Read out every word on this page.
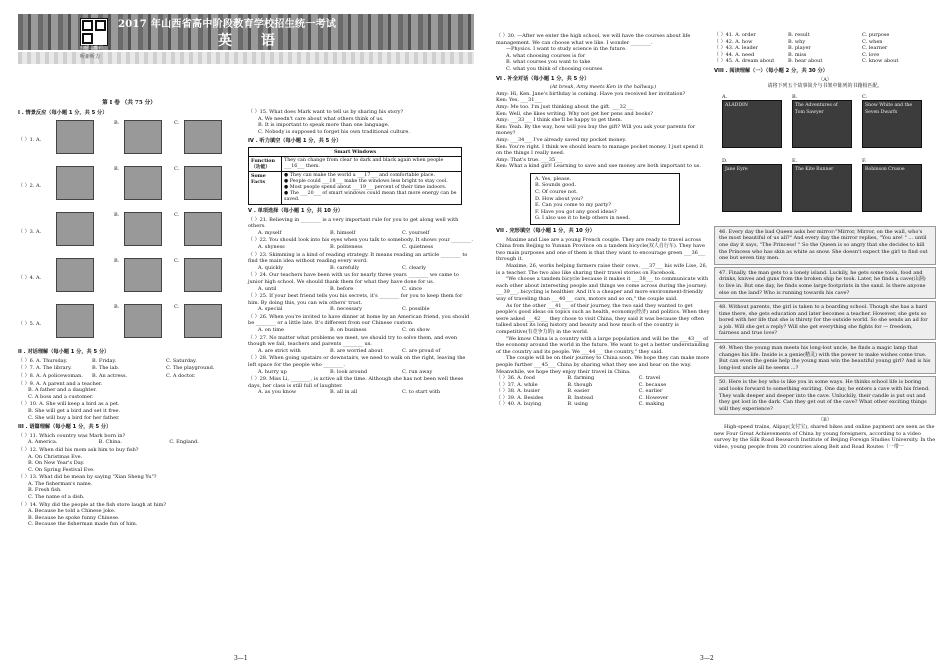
扫描二维码
2017 年山西省高中阶段教育学校招生统一考试
英 语
听新听力
第 I 卷 （共 75 分）
I . 情景反应（每小题 1 分，共 5 分）
（ ）1. A.
B.	C.
（ ）2. A.
B.	C.
（ ）3. A.
B.	C.
（ ）4. A.
B.	C.
（ ）5. A.
B.	C.
II . 对话理解（每小题 1 分，共 5 分）
（ ）6. A. Thursday.	B. Friday.	C. Saturday.
（ ）7. A. The library.	B. The lab.	C. The playground.
（ ）8. A. A policewoman.	B. An actress.	C. A doctor.
（ ）9. A. A parent and a teacher.
B. A father and a daughter.
C. A boss and a customer.
（ ）10. A. She will keep a bird as a pet.
B. She will get a bird and set it free.
C. She will buy a bird for her father.
III . 语篇理解（每小题 1 分，共 5 分）
（ ）11. Which country was Mark born in?
A. America.	B. China.	C. England.
（ ）12. When did his mom ask him to buy fish?
A. On Christmas Eve.
B. On New Year's Day.
C. On Spring Festival Eve.
（ ）13. What did he mean by saying "Xian Sheng Yu"?
A. The fisherman's name.
B. Fresh fish.
C. The name of a dish.
（ ）14. Why did the people at the fish store laugh at him?
A. Because he told a Chinese joke.
B. Because he spoke funny Chinese.
C. Because the fisherman made fun of him.
（ ）15. What does Mark want to tell us by sharing his story?
A. We needn't care about what others think of us.
B. It is important to speak more than one language.
C. Nobody is supposed to forget his own traditional culture.
IV . 听力填空（每小题 1 分，共 5 分）
Smart Windows	
Function（功能）	They can change from clear to dark and black again when people ___16___ them.
Some Facts	● They can make the world a ___17___ and comfortable place.
● People could ___18___ make the windows less bright to stay cool.
● Most people spend about ___19___ percent of their time indoors.
● The ___20___ of smart windows could mean that more energy can be saved.
V . 单项选择（每小题 1 分，共 10 分）
（ ）21. Believing in ________ is a very important rule for you to get along well with others.
A. myself	B. himself	C. yourself
（ ）22. You should look into his eyes when you talk to somebody. It shows your ________.
A. shyness	B. politeness	C. quietness
（ ）23. Skimming is a kind of reading strategy. It means reading an article ________ to find the main idea without reading every word.
A. quickly	B. carefully	C. clearly
（ ）24. Our teachers have been with us for nearly three years ________ we came to junior high school. We should thank them for what they have done for us.
A. until	B. before	C. since
（ ）25. If your best friend tells you his secrets, it's ________ for you to keep them for him. By doing this, you can win others' trust.
A. special	B. necessary	C. possible
（ ）26. When you're invited to have dinner at home by an American friend, you should be ________ or a little late. It's different from our Chinese custom.
A. on time	B. on business	C. on show
（ ）27. No matter what problems we meet, we should try to solve them, and even though we fail, teachers and parents ________ us.
A. are strict with	B. are worried about	C. are proud of
（ ）28. When going upstairs or downstairs, we need to walk on the right, leaving the left space for the people who ________.
A. hurry up	B. look around	C. run away
（ ）29. Miss Li, ________, is active all the time. Although she has not been well these days, her class is still full of laughter.
A. as you know	B. all in all	C. to start with
（ ）30. —After we enter the high school, we will have the courses about life management. We can choose what we like. I wonder ________.
—Physics. I want to study science in the future.
A. what choosing courses is for
B. what courses you want to take
C. what you think of choosing courses
VI . 补全对话（每小题 1 分，共 5 分）
(At break, Amy meets Ken in the hallway.)
Amy: Hi, Ken. Jane's birthday is coming. Have you received her invitation?
Ken: Yes. ___31___
Amy: Me too. I'm just thinking about the gift. ___32___
Ken: Well, she likes writing. Why not get her pens and books?
Amy: ___33___ I think she'll be happy to get them.
Ken: Yeah. By the way, how will you buy the gift? Will you ask your parents for money?
Amy: ___34___ I've already saved my pocket money.
Ken: You're right. I think we should learn to manage pocket money. I just spend it on the things I really need.
Amy: That's true. ___35___
Ken: What a kind girl! Learning to save and use money are both important to us.
A. Yes, please.
B. Sounds good.
C. Of course not.
D. How about you?
E. Can you come to my party?
F. Have you got any good ideas?
G. I also use it to help others in need.
VII . 完形填空（每小题 1 分，共 10 分）
Maxime and Lise are a young French couple. They are ready to travel across China from Beijing to Yunnan Province on a tandem bicycle(双人自行车). They have two main purposes and one of them is that they want to encourage green ___36___ through it.
Maxime, 26, works helping farmers raise their cows, ___37___ his wife Lise, 26, is a teacher. The two also like sharing their travel stories on Facebook.
"We choose a tandem bicycle because it makes it ___38___ to communicate with each other about interesting people and things we come across during the journey. ___39___, bicycling is healthier. And it's a cheaper and more environment-friendly way of traveling than ___40___ cars, motors and so on," the couple said.
As for the other ___41___ of their journey, the two said they wanted to get people's good ideas on topics such as health, economy(经济) and politics. When they were asked ___42___ they chose to visit China, they said it was because they often talked about its long history and beauty and how much of the country is competitive(有竞争力的) in the world.
"We know China is a country with a large population and will be the ___43___ of the economy around the world in the future. We want to get a better understanding of the country and its people. We ___44___ the country," they said.
The couple will be on their journey to China soon. We hope they can make more people further ___45___ China by sharing what they see and hear on the way. Meanwhile, we hope they enjoy their travel in China.
（ ）36. A. food	B. farming	C. travel
（ ）37. A. while	B. though	C. because
（ ）38. A. busier	B. easier	C. earlier
（ ）39. A. Besides	B. Instead	C. However
（ ）40. A. buying	B. using	C. making
（ ）41. A. order	B. result	C. purpose
（ ）42. A. how	B. why	C. when
（ ）43. A. leader	B. player	C. learner
（ ）44. A. need	B. miss	C. love
（ ）45. A. dream about	B. hear about	C. know about
VIII . 阅读理解（一）（每小题 2 分，共 30 分）
（A）
请将下列五个故事简介与书架中陈列的书籍相匹配。
A.
ALADDIN
B.
The Adventures of Tom Sawyer
C.
Snow White and the Seven Dwarfs
D.
Jane Eyre
E.
The Kite Runner
F.
Robinson Crusoe
46. Every day the bad Queen asks her mirror:"Mirror, Mirror, on the wall, who's the most beautiful of us all?" And every day the mirror replies, "You are! " ... until one day it says, "The Princess! " So the Queen is so angry that she decides to kill the Princess who has skin as white as snow. She doesn't expect the girl to find out one but seven tiny men.
47. Finally, the man gets to a lonely island. Luckily, he gets some tools, food and drinks, knives and guns from the broken ship he took. Later, he finds a cave(山洞) to live in. But one day, he finds some large footprints in the sand. Is there anyone else on the land? Who is running towards his cave?
48. Without parents, the girl is taken to a boarding school. Though she has a hard time there, she gets education and later becomes a teacher. However, she gets so bored with her life that she is thirsty for the outside world. So she sends an ad for a job. Will she get a reply? Will she get everything she fights for — freedom, fairness and true love?
49. When the young man meets his long-lost uncle, he finds a magic lamp that changes his life. Inside is a genie(精灵) with the power to make wishes come true. But can even the genie help the young man win the beautiful young girl? And is his long-lost uncle all he seems ...?
50. Here is the boy who is like you in some ways. He thinks school life is boring and looks forward to something exciting. One day, he enters a cave with his friend. They walk deeper and deeper into the cave. Unluckily, their candle is put out and they get lost in the dark. Can they get out of the cave? What other exciting things will they experience?
（B）
High-speed trains, Alipay(支付宝), shared bikes and online payment are seen as the new Four Great Achievements of China by young foreigners, according to a video survey by the Silk Road Research Institute of Beijing Foreign Studies University. In the video, young people from 20 countries along Belt and Road Routes（一带一
3—1	3—2
